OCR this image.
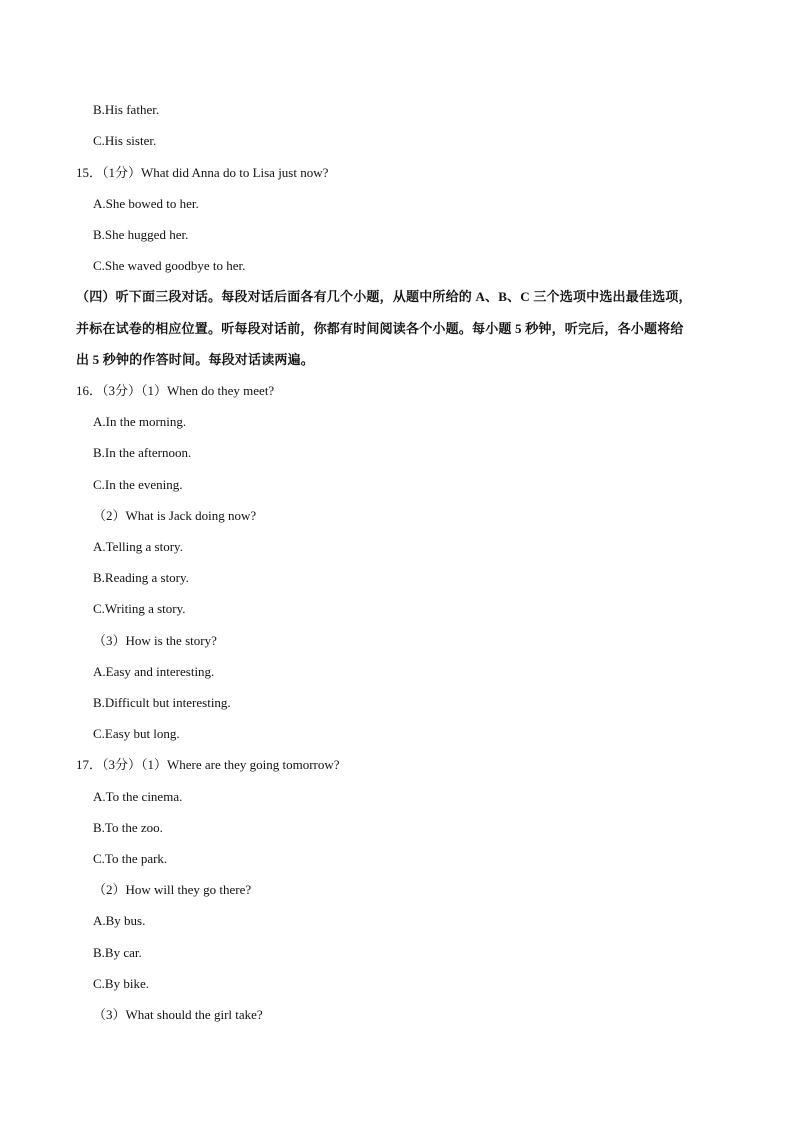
B.His father.
C.His sister.
15．（1分）What did Anna do to Lisa just now?
A.She bowed to her.
B.She hugged her.
C.She waved goodbye to her.
（四）听下面三段对话。每段对话后面各有几个小题，从题中所给的 A、B、C 三个选项中选出最佳选项，
并标在试卷的相应位置。听每段对话前，你都有时间阅读各个小题。每小题 5 秒钟，听完后，各小题将给
出 5 秒钟的作答时间。每段对话读两遍。
16．（3分）（1）When do they meet?
A.In the morning.
B.In the afternoon.
C.In the evening.
（2）What is Jack doing now?
A.Telling a story.
B.Reading a story.
C.Writing a story.
（3）How is the story?
A.Easy and interesting.
B.Difficult but interesting.
C.Easy but long.
17．（3分）（1）Where are they going tomorrow?
A.To the cinema.
B.To the zoo.
C.To the park.
（2）How will they go there?
A.By bus.
B.By car.
C.By bike.
（3）What should the girl take?
